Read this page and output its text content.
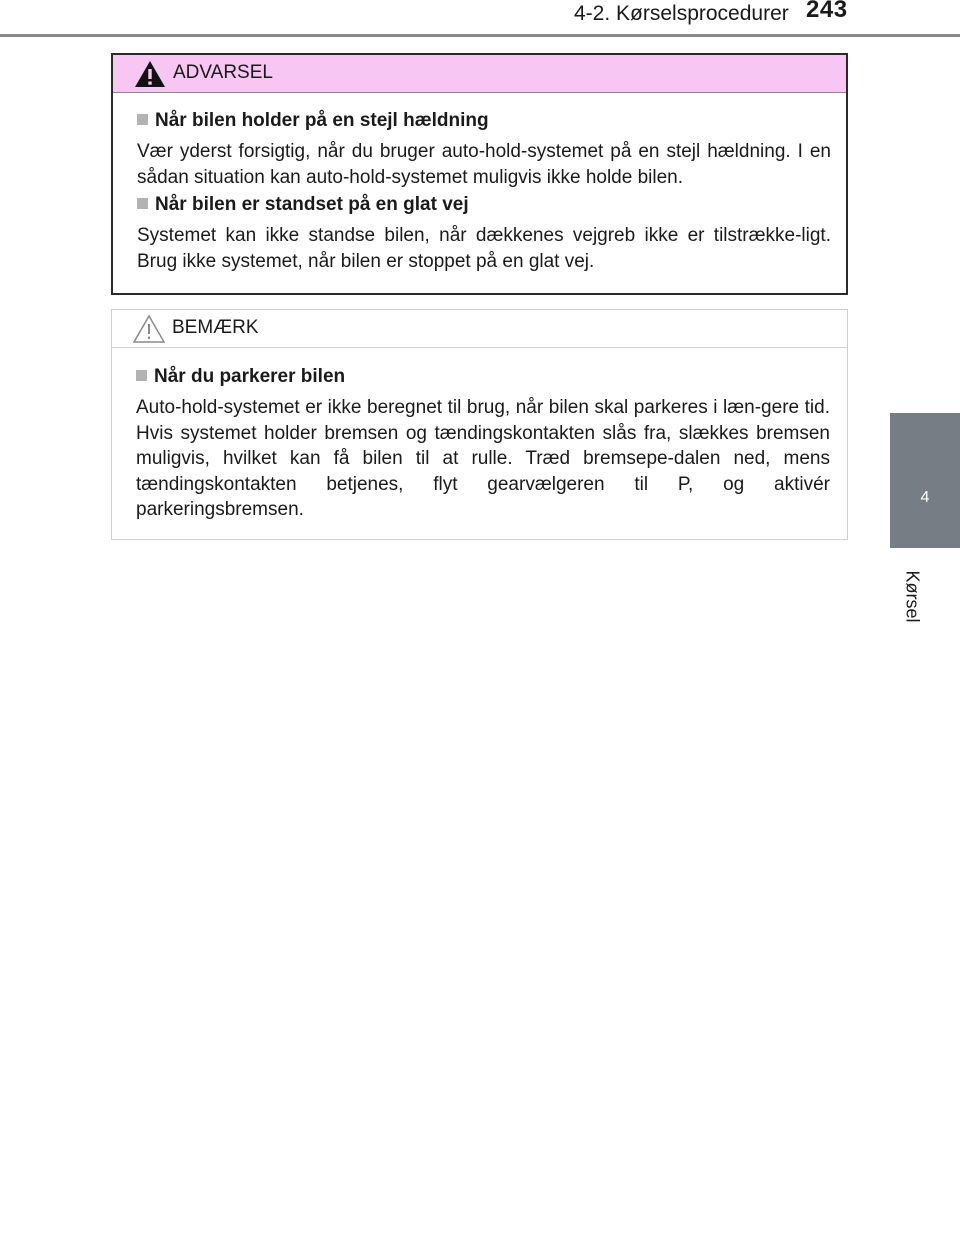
4-2. Kørselsprocedurer 243
4
Kørsel
ADVARSEL
Når bilen holder på en stejl hældning
Vær yderst forsigtig, når du bruger auto-hold-systemet på en stejl hældning. I en sådan situation kan auto-hold-systemet muligvis ikke holde bilen.
Når bilen er standset på en glat vej
Systemet kan ikke standse bilen, når dækkenes vejgreb ikke er tilstrække-ligt. Brug ikke systemet, når bilen er stoppet på en glat vej.
BEMÆRK
Når du parkerer bilen
Auto-hold-systemet er ikke beregnet til brug, når bilen skal parkeres i læn-gere tid. Hvis systemet holder bremsen og tændingskontakten slås fra, slækkes bremsen muligvis, hvilket kan få bilen til at rulle. Træd bremsepe-dalen ned, mens tændingskontakten betjenes, flyt gearvælgeren til P, og aktivér parkeringsbremsen.
